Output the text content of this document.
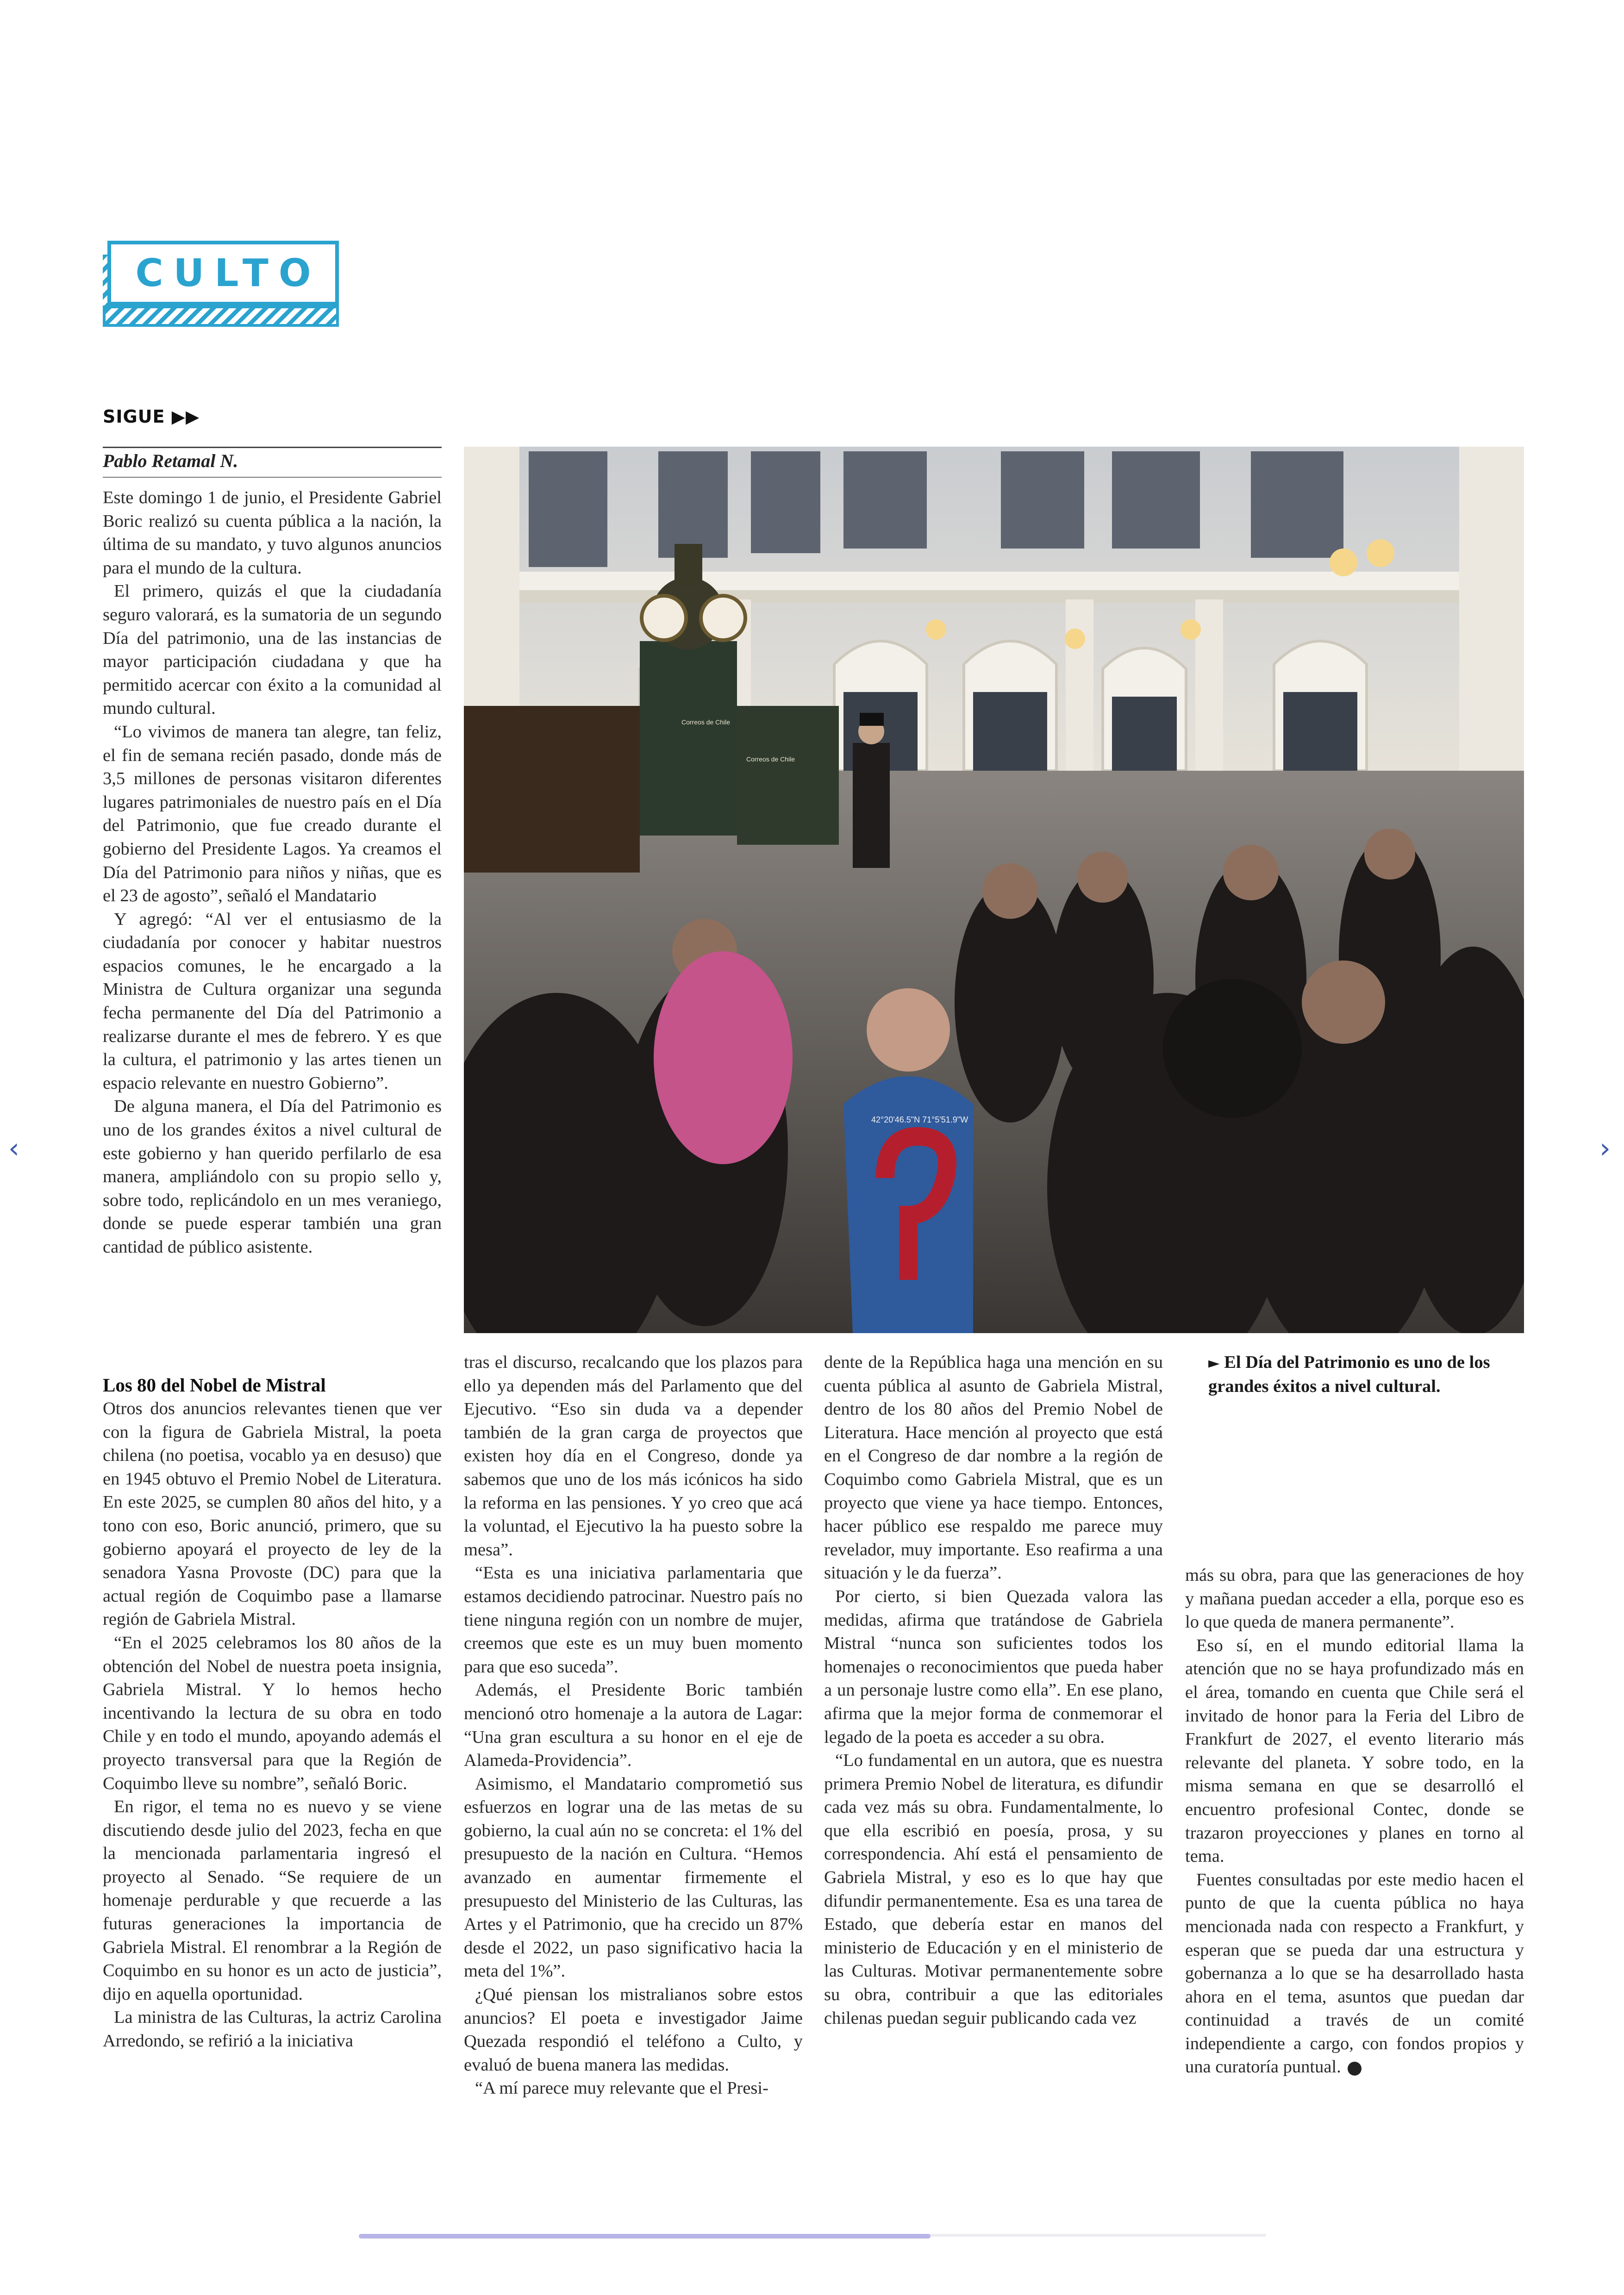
CULTO
SIGUE ▶▶
Pablo Retamal N.

Este domingo 1 de junio, el Presidente Gabriel Boric realizó su cuenta pública a la nación, la última de su mandato, y tuvo algunos anuncios para el mundo de la cultura.

El primero, quizás el que la ciudadanía seguro valorará, es la sumatoria de un segundo Día del patrimonio, una de las instancias de mayor participación ciudadana y que ha permitido acercar con éxito a la comunidad al mundo cultural.

“Lo vivimos de manera tan alegre, tan feliz, el fin de semana recién pasado, donde más de 3,5 millones de personas visitaron diferentes lugares patrimoniales de nuestro país en el Día del Patrimonio, que fue creado durante el gobierno del Presidente Lagos. Ya creamos el Día del Patrimonio para niños y niñas, que es el 23 de agosto”, señaló el Mandatario

Y agregó: “Al ver el entusiasmo de la ciudadanía por conocer y habitar nuestros espacios comunes, le he encargado a la Ministra de Cultura organizar una segunda fecha permanente del Día del Patrimonio a realizarse durante el mes de febrero. Y es que la cultura, el patrimonio y las artes tienen un espacio relevante en nuestro Gobierno”.

De alguna manera, el Día del Patrimonio es uno de los grandes éxitos a nivel cultural de este gobierno y han querido perfilarlo de esa manera, ampliándolo con su propio sello y, sobre todo, replicándolo en un mes veraniego, donde se puede esperar también una gran cantidad de público asistente.

Los 80 del Nobel de Mistral

Otros dos anuncios relevantes tienen que ver con la figura de Gabriela Mistral, la poeta chilena (no poetisa, vocablo ya en desuso) que en 1945 obtuvo el Premio Nobel de Literatura. En este 2025, se cumplen 80 años del hito, y a tono con eso, Boric anunció, primero, que su gobierno apoyará el proyecto de ley de la senadora Yasna Provoste (DC) para que la actual región de Coquimbo pase a llamarse región de Gabriela Mistral.

“En el 2025 celebramos los 80 años de la obtención del Nobel de nuestra poeta insignia, Gabriela Mistral. Y lo hemos hecho incentivando la lectura de su obra en todo Chile y en todo el mundo, apoyando además el proyecto transversal para que la Región de Coquimbo lleve su nombre”, señaló Boric.

En rigor, el tema no es nuevo y se viene discutiendo desde julio del 2023, fecha en que la mencionada parlamentaria ingresó el proyecto al Senado. “Se requiere de un homenaje perdurable y que recuerde a las futuras generaciones la importancia de Gabriela Mistral. El renombrar a la Región de Coquimbo en su honor es un acto de justicia”, dijo en aquella oportunidad.

La ministra de las Culturas, la actriz Carolina Arredondo, se refirió a la iniciativa

tras el discurso, recalcando que los plazos para ello ya dependen más del Parlamento que del Ejecutivo. “Eso sin duda va a depender también de la gran carga de proyectos que existen hoy día en el Congreso, donde ya sabemos que uno de los más icónicos ha sido la reforma en las pensiones. Y yo creo que acá la voluntad, el Ejecutivo la ha puesto sobre la mesa”.

“Esta es una iniciativa parlamentaria que estamos decidiendo patrocinar. Nuestro país no tiene ninguna región con un nombre de mujer, creemos que este es un muy buen momento para que eso suceda”.

Además, el Presidente Boric también mencionó otro homenaje a la autora de Lagar: “Una gran escultura a su honor en el eje de Alameda-Providencia”.

Asimismo, el Mandatario comprometió sus esfuerzos en lograr una de las metas de su gobierno, la cual aún no se concreta: el 1% del presupuesto de la nación en Cultura. “Hemos avanzado en aumentar firmemente el presupuesto del Ministerio de las Culturas, las Artes y el Patrimonio, que ha crecido un 87% desde el 2022, un paso significativo hacia la meta del 1%”.

¿Qué piensan los mistralianos sobre estos anuncios? El poeta e investigador Jaime Quezada respondió el teléfono a Culto, y evaluó de buena manera las medidas.

“A mí parece muy relevante que el Presi-

dente de la República haga una mención en su cuenta pública al asunto de Gabriela Mistral, dentro de los 80 años del Premio Nobel de Literatura. Hace mención al proyecto que está en el Congreso de dar nombre a la región de Coquimbo como Gabriela Mistral, que es un proyecto que viene ya hace tiempo. Entonces, hacer público ese respaldo me parece muy revelador, muy importante. Eso reafirma a una situación y le da fuerza”.

Por cierto, si bien Quezada valora las medidas, afirma que tratándose de Gabriela Mistral “nunca son suficientes todos los homenajes o reconocimientos que pueda haber a un personaje lustre como ella”. En ese plano, afirma que la mejor forma de conmemorar el legado de la poeta es acceder a su obra.

“Lo fundamental en un autora, que es nuestra primera Premio Nobel de literatura, es difundir cada vez más su obra. Fundamentalmente, lo que ella escribió en poesía, prosa, y su correspondencia. Ahí está el pensamiento de Gabriela Mistral, y eso es lo que hay que difundir permanentemente. Esa es una tarea de Estado, que debería estar en manos del ministerio de Educación y en el ministerio de las Culturas. Motivar permanentemente sobre su obra, contribuir a que las editoriales chilenas puedan seguir publicando cada vez

► El Día del Patrimonio es uno de los grandes éxitos a nivel cultural.

más su obra, para que las generaciones de hoy y mañana puedan acceder a ella, porque eso es lo que queda de manera permanente”.

Eso sí, en el mundo editorial llama la atención que no se haya profundizado más en el área, tomando en cuenta que Chile será el invitado de honor para la Feria del Libro de Frankfurt de 2027, el evento literario más relevante del planeta. Y sobre todo, en la misma semana en que se desarrolló el encuentro profesional Contec, donde se trazaron proyecciones y planes en torno al tema.

Fuentes consultadas por este medio hacen el punto de que la cuenta pública no haya mencionada nada con respecto a Frankfurt, y esperan que se pueda dar una estructura y gobernanza a lo que se ha desarrollado hasta ahora en el tema, asuntos que puedan dar continuidad a través de un comité independiente a cargo, con fondos propios y una curatoría puntual.

Correos de Chile
Correos de Chile
42°20'46.5"N 71°5'51.9"W
‹	›
